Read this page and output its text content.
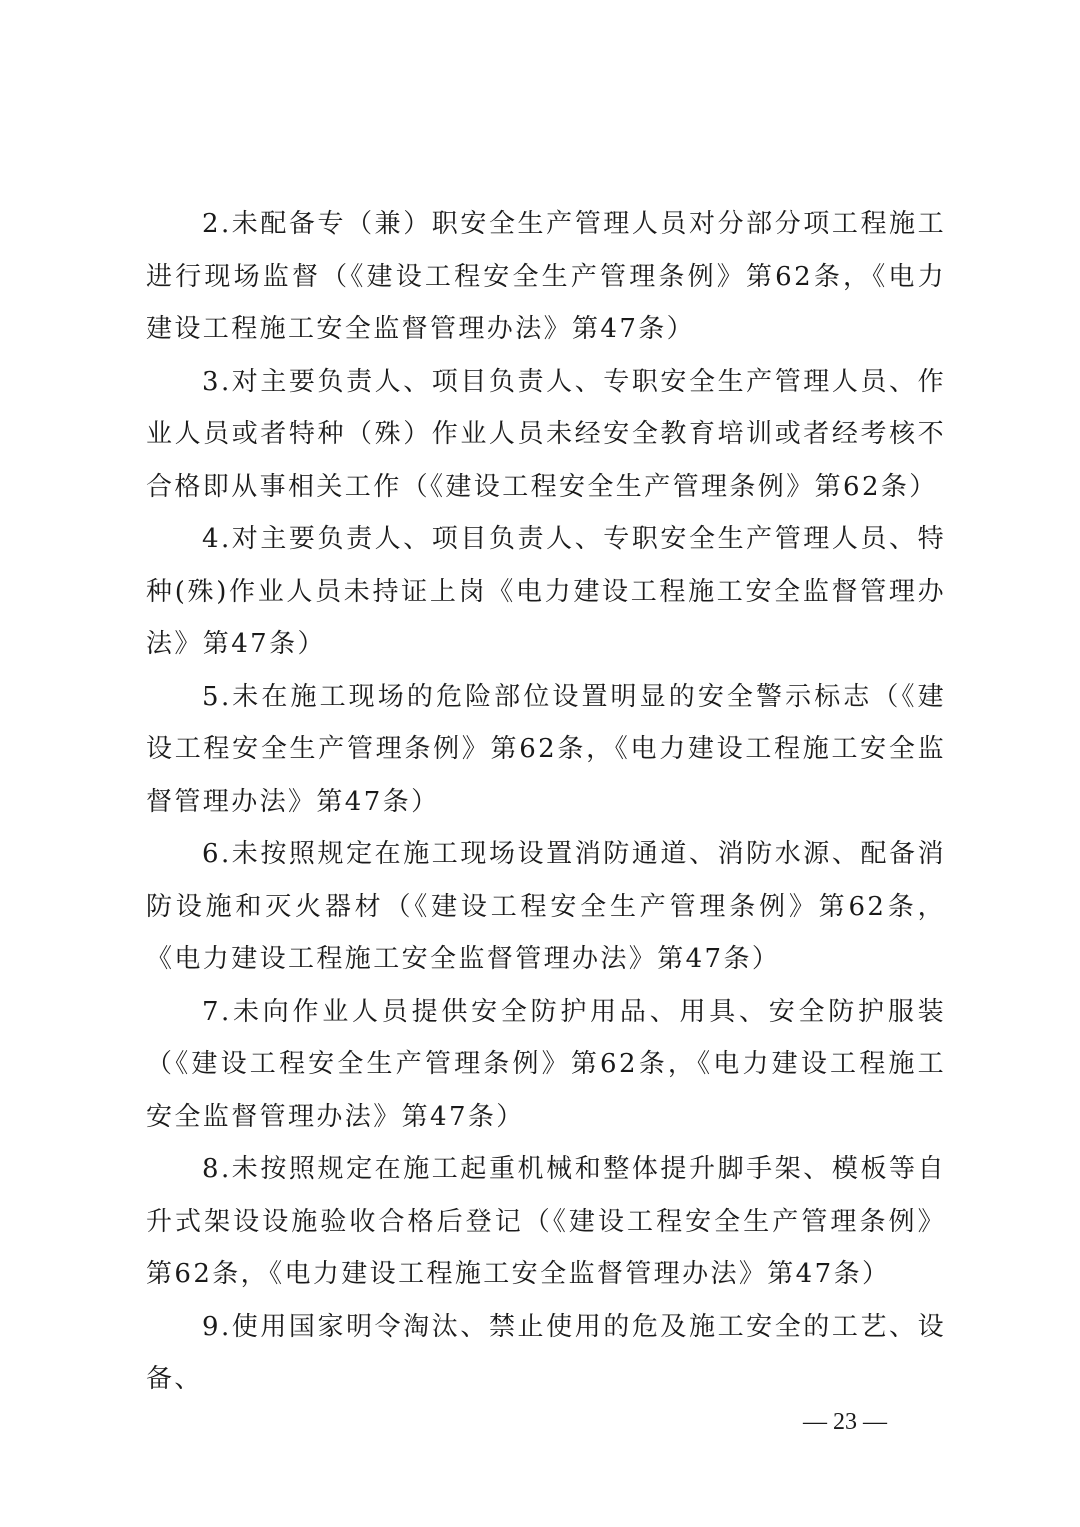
2.未配备专（兼）职安全生产管理人员对分部分项工程施工进行现场监督（《建设工程安全生产管理条例》第62条，《电力建设工程施工安全监督管理办法》第47条）

3.对主要负责人、项目负责人、专职安全生产管理人员、作业人员或者特种（殊）作业人员未经安全教育培训或者经考核不合格即从事相关工作（《建设工程安全生产管理条例》第62条）

4.对主要负责人、项目负责人、专职安全生产管理人员、特种(殊)作业人员未持证上岗《电力建设工程施工安全监督管理办法》第47条）

5.未在施工现场的危险部位设置明显的安全警示标志（《建设工程安全生产管理条例》第62条，《电力建设工程施工安全监督管理办法》第47条）

6.未按照规定在施工现场设置消防通道、消防水源、配备消防设施和灭火器材（《建设工程安全生产管理条例》第62条，《电力建设工程施工安全监督管理办法》第47条）

7.未向作业人员提供安全防护用品、用具、安全防护服装（《建设工程安全生产管理条例》第62条，《电力建设工程施工安全监督管理办法》第47条）

8.未按照规定在施工起重机械和整体提升脚手架、模板等自升式架设设施验收合格后登记（《建设工程安全生产管理条例》第62条，《电力建设工程施工安全监督管理办法》第47条）

9.使用国家明令淘汰、禁止使用的危及施工安全的工艺、设备、

— 23 —
